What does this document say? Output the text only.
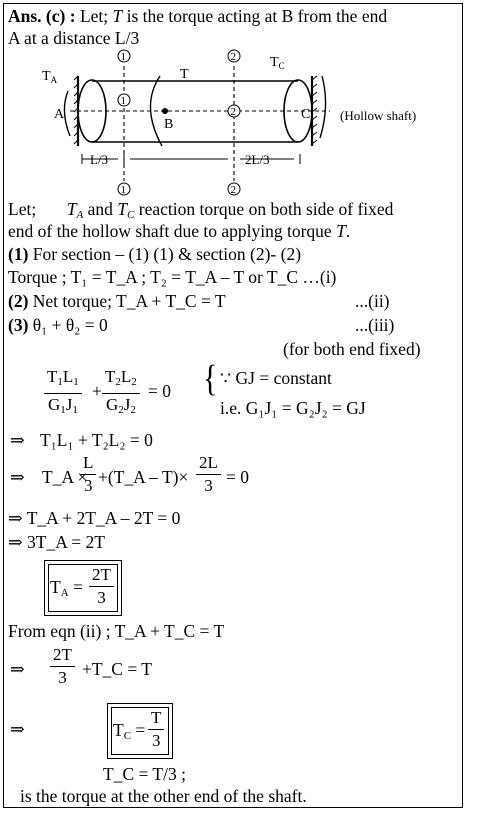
Ans. (c) : Let; T is the torque acting at B from the end
A at a distance L/3
1
1
1
2
2
2
$T_A$	T
$T_C$
A
B
C
L/3	2L/3
(Hollow shaft)
Let; $T_A$ and $T_C$ reaction torque on both side of fixed
end of the hollow shaft due to applying torque T.
(1) For section – (1) (1) & section (2)- (2)
Torque ; T₁ = T_A ; T₂ = T_A – T or T_C …(i)
(2) Net torque; T_A + T_C = T	...(ii)
(3) θ₁ + θ₂ = 0	...(iii)
(for both end fixed)
$\frac{T_1L_1}{G_1J_1} + \frac{T_2L_2}{G_2J_2} = 0$ { ∵ GJ = constant
i.e. G₁J₁ = G₂J₂ = GJ
⇒ T₁L₁ + T₂L₂ = 0
⇒ T_A ×
$\frac{L}{3}$ +(T_A – $T)\times \frac{2L}{3} = 0$
⇒ T_A + 2T_A – 2T = 0
⇒ 3T_A = 2T
$T_A = \frac{2T}{3}$
From eqn (ii) ; T_A + T_C = T
⇒ $\frac{2T}{3}$ +T_C = T
⇒	$T_C = \frac{T}{3}$
T_C = T/3 ;
is the torque at the other end of the shaft.
